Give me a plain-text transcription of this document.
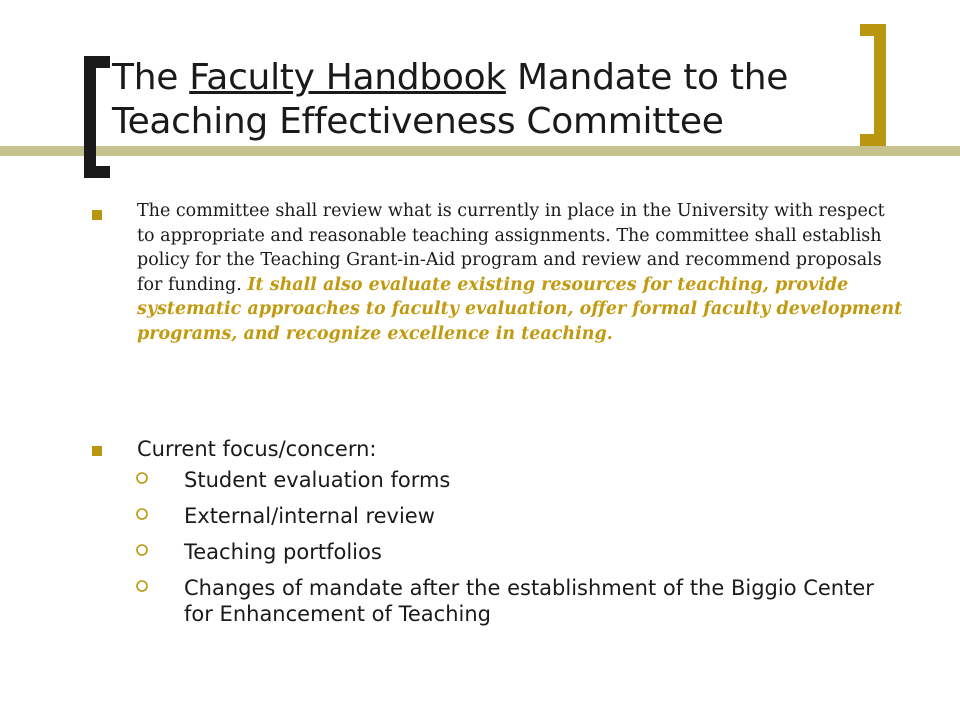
The Faculty Handbook Mandate to the
Teaching Effectiveness Committee
The committee shall review what is currently in place in the University with respect to appropriate and reasonable teaching assignments. The committee shall establish policy for the Teaching Grant-in-Aid program and review and recommend proposals for funding. It shall also evaluate existing resources for teaching, provide systematic approaches to faculty evaluation, offer formal faculty development programs, and recognize excellence in teaching.
Current focus/concern:
Student evaluation forms
External/internal review
Teaching portfolios
Changes of mandate after the establishment of the Biggio Center for Enhancement of Teaching
